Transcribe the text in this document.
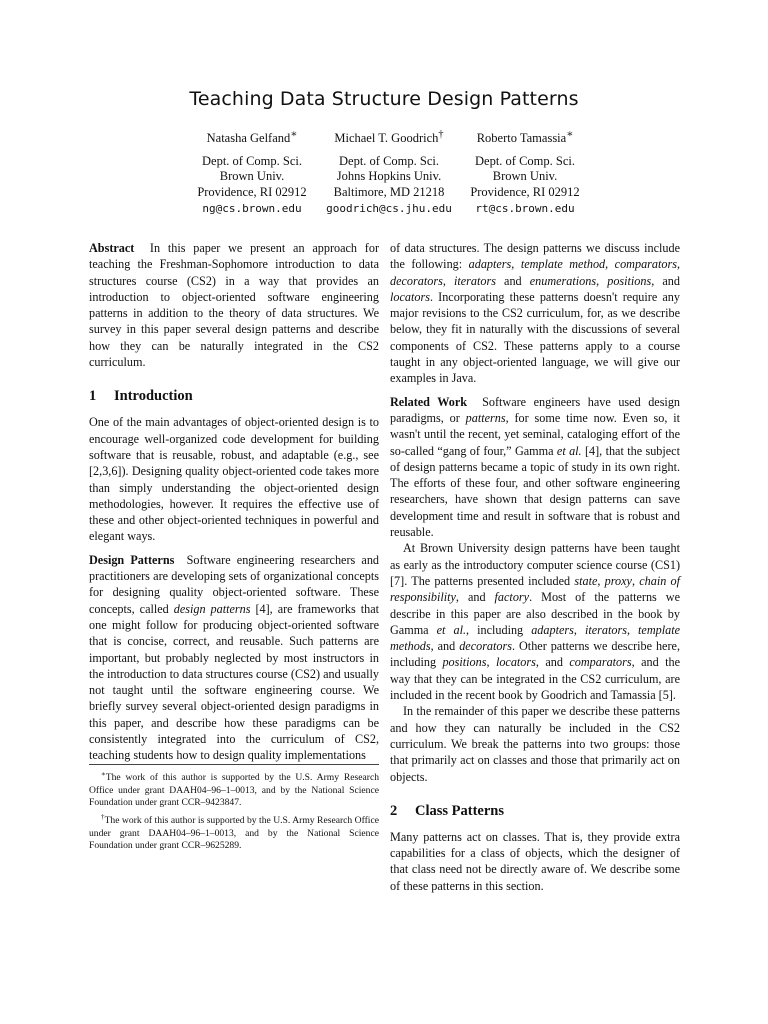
Teaching Data Structure Design Patterns
Natasha Gelfand∗
Dept. of Comp. Sci.
Brown Univ.
Providence, RI 02912
ng@cs.brown.edu
Michael T. Goodrich†
Dept. of Comp. Sci.
Johns Hopkins Univ.
Baltimore, MD 21218
goodrich@cs.jhu.edu
Roberto Tamassia∗
Dept. of Comp. Sci.
Brown Univ.
Providence, RI 02912
rt@cs.brown.edu

Abstract In this paper we present an approach for teaching the Freshman-Sophomore introduction to data structures course (CS2) in a way that provides an introduction to object-oriented software engineering patterns in addition to the theory of data structures. We survey in this paper several design patterns and describe how they can be naturally integrated in the CS2 curriculum.

1 Introduction

One of the main advantages of object-oriented design is to encourage well-organized code development for building software that is reusable, robust, and adaptable (e.g., see [2,3,6]). Designing quality object-oriented code takes more than simply understanding the object-oriented design methodologies, however. It requires the effective use of these and other object-oriented techniques in powerful and elegant ways.

Design Patterns Software engineering researchers and practitioners are developing sets of organizational concepts for designing quality object-oriented software. These concepts, called design patterns [4], are frameworks that one might follow for producing object-oriented software that is concise, correct, and reusable. Such patterns are important, but probably neglected by most instructors in the introduction to data structures course (CS2) and usually not taught until the software engineering course. We briefly survey several object-oriented design paradigms in this paper, and describe how these paradigms can be consistently integrated into the curriculum of CS2, teaching students how to design quality implementations

∗The work of this author is supported by the U.S. Army Research Office under grant DAAH04–96–1–0013, and by the National Science Foundation under grant CCR–9423847.

†The work of this author is supported by the U.S. Army Research Office under grant DAAH04–96–1–0013, and by the National Science Foundation under grant CCR–9625289.

of data structures. The design patterns we discuss include the following: adapters, template method, comparators, decorators, iterators and enumerations, positions, and locators. Incorporating these patterns doesn't require any major revisions to the CS2 curriculum, for, as we describe below, they fit in naturally with the discussions of several components of CS2. These patterns apply to a course taught in any object-oriented language, we will give our examples in Java.

Related Work Software engineers have used design paradigms, or patterns, for some time now. Even so, it wasn't until the recent, yet seminal, cataloging effort of the so-called “gang of four,” Gamma et al. [4], that the subject of design patterns became a topic of study in its own right. The efforts of these four, and other software engineering researchers, have shown that design patterns can save development time and result in software that is robust and reusable.

At Brown University design patterns have been taught as early as the introductory computer science course (CS1) [7]. The patterns presented included state, proxy, chain of responsibility, and factory. Most of the patterns we describe in this paper are also described in the book by Gamma et al., including adapters, iterators, template methods, and decorators. Other patterns we describe here, including positions, locators, and comparators, and the way that they can be integrated in the CS2 curriculum, are included in the recent book by Goodrich and Tamassia [5].

In the remainder of this paper we describe these patterns and how they can naturally be included in the CS2 curriculum. We break the patterns into two groups: those that primarily act on classes and those that primarily act on objects.

2 Class Patterns

Many patterns act on classes. That is, they provide extra capabilities for a class of objects, which the designer of that class need not be directly aware of. We describe some of these patterns in this section.
